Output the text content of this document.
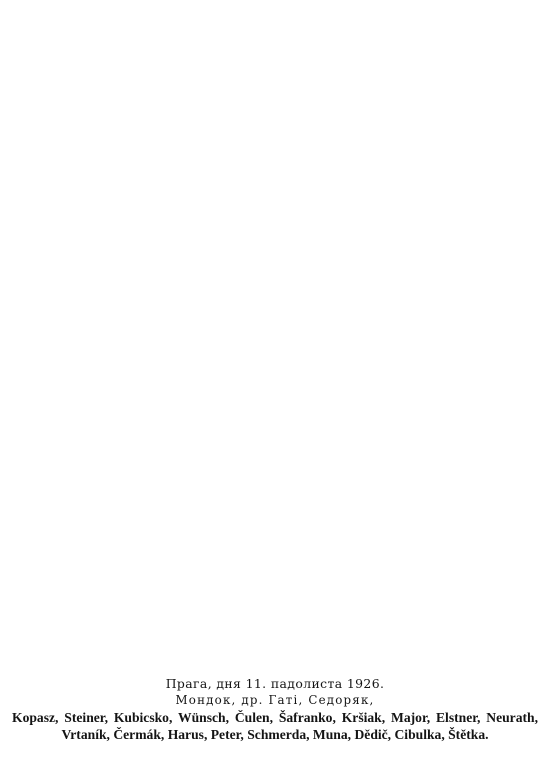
Прага, дня 11. падолиста 1926.

Мондок, др. Гаті, Седоряк,

Kopasz, Steiner, Kubicsko, Wünsch, Čulen, Šafranko, Kršiak, Major, Elstner, Neurath, Vrtaník, Čermák, Harus, Peter, Schmerda, Muna, Dědič, Cibulka, Štětka.
